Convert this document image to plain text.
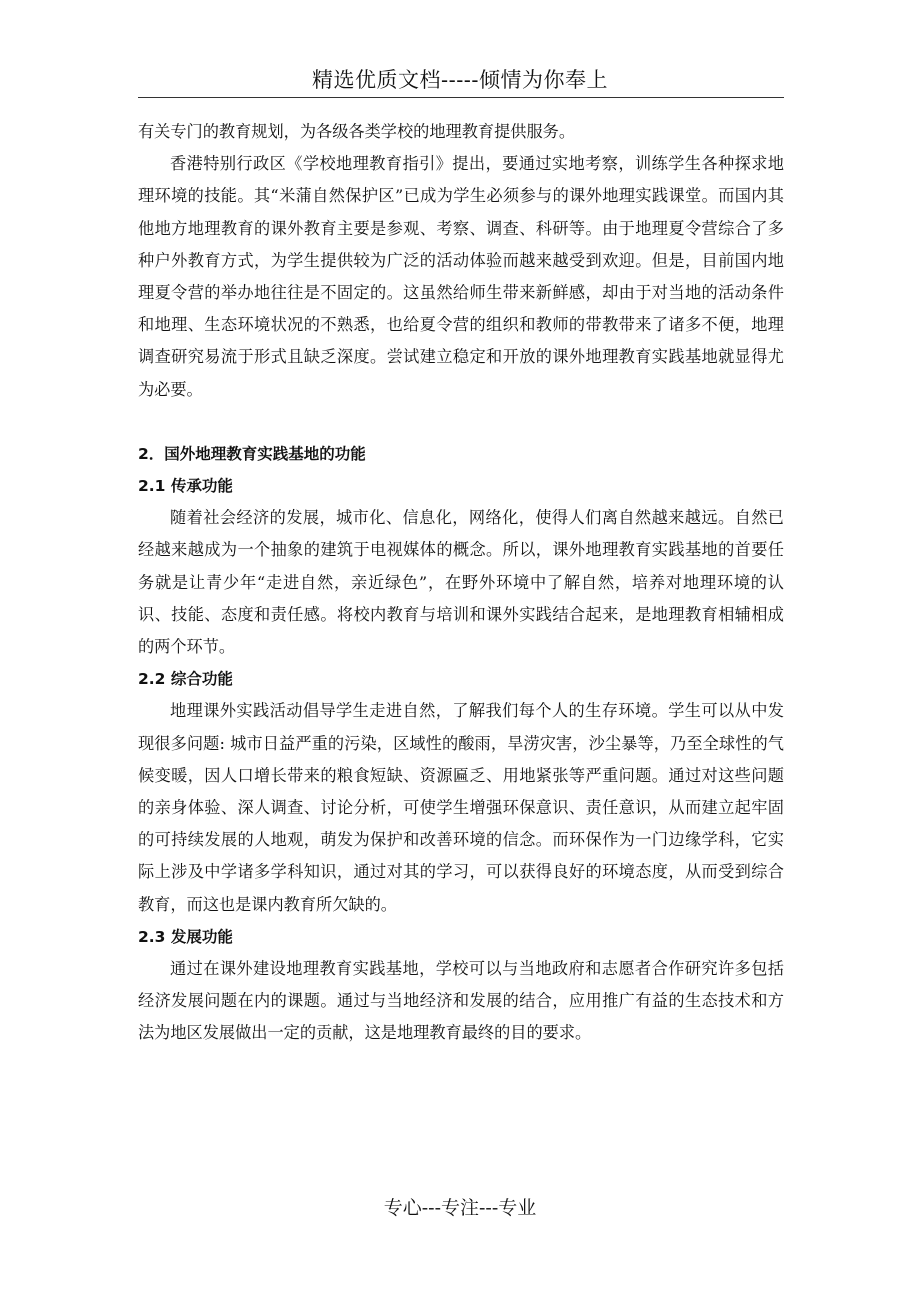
精选优质文档-----倾情为你奉上

有关专门的教育规划，为各级各类学校的地理教育提供服务。

香港特别行政区《学校地理教育指引》提出，要通过实地考察，训练学生各种探求地理环境的技能。其“米蒲自然保护区”已成为学生必须参与的课外地理实践课堂。而国内其他地方地理教育的课外教育主要是参观、考察、调查、科研等。由于地理夏令营综合了多种户外教育方式，为学生提供较为广泛的活动体验而越来越受到欢迎。但是，目前国内地理夏令营的举办地往往是不固定的。这虽然给师生带来新鲜感，却由于对当地的活动条件和地理、生态环境状况的不熟悉，也给夏令营的组织和教师的带教带来了诸多不便，地理调查研究易流于形式且缺乏深度。尝试建立稳定和开放的课外地理教育实践基地就显得尤为必要。

2．国外地理教育实践基地的功能

2.1 传承功能

随着社会经济的发展，城市化、信息化，网络化，使得人们离自然越来越远。自然已经越来越成为一个抽象的建筑于电视媒体的概念。所以，课外地理教育实践基地的首要任务就是让青少年“走进自然，亲近绿色”，在野外环境中了解自然，培养对地理环境的认识、技能、态度和责任感。将校内教育与培训和课外实践结合起来，是地理教育相辅相成的两个环节。

2.2 综合功能

地理课外实践活动倡导学生走进自然，了解我们每个人的生存环境。学生可以从中发现很多问题: 城市日益严重的污染，区域性的酸雨，旱涝灾害，沙尘暴等，乃至全球性的气候变暖，因人口增长带来的粮食短缺、资源匾乏、用地紧张等严重问题。通过对这些问题的亲身体验、深人调查、讨论分析，可使学生增强环保意识、责任意识，从而建立起牢固的可持续发展的人地观，萌发为保护和改善环境的信念。而环保作为一门边缘学科，它实际上涉及中学诸多学科知识，通过对其的学习，可以获得良好的环境态度，从而受到综合教育，而这也是课内教育所欠缺的。

2.3 发展功能

通过在课外建设地理教育实践基地，学校可以与当地政府和志愿者合作研究许多包括经济发展问题在内的课题。通过与当地经济和发展的结合，应用推广有益的生态技术和方法为地区发展做出一定的贡献，这是地理教育最终的目的要求。

专心---专注---专业
